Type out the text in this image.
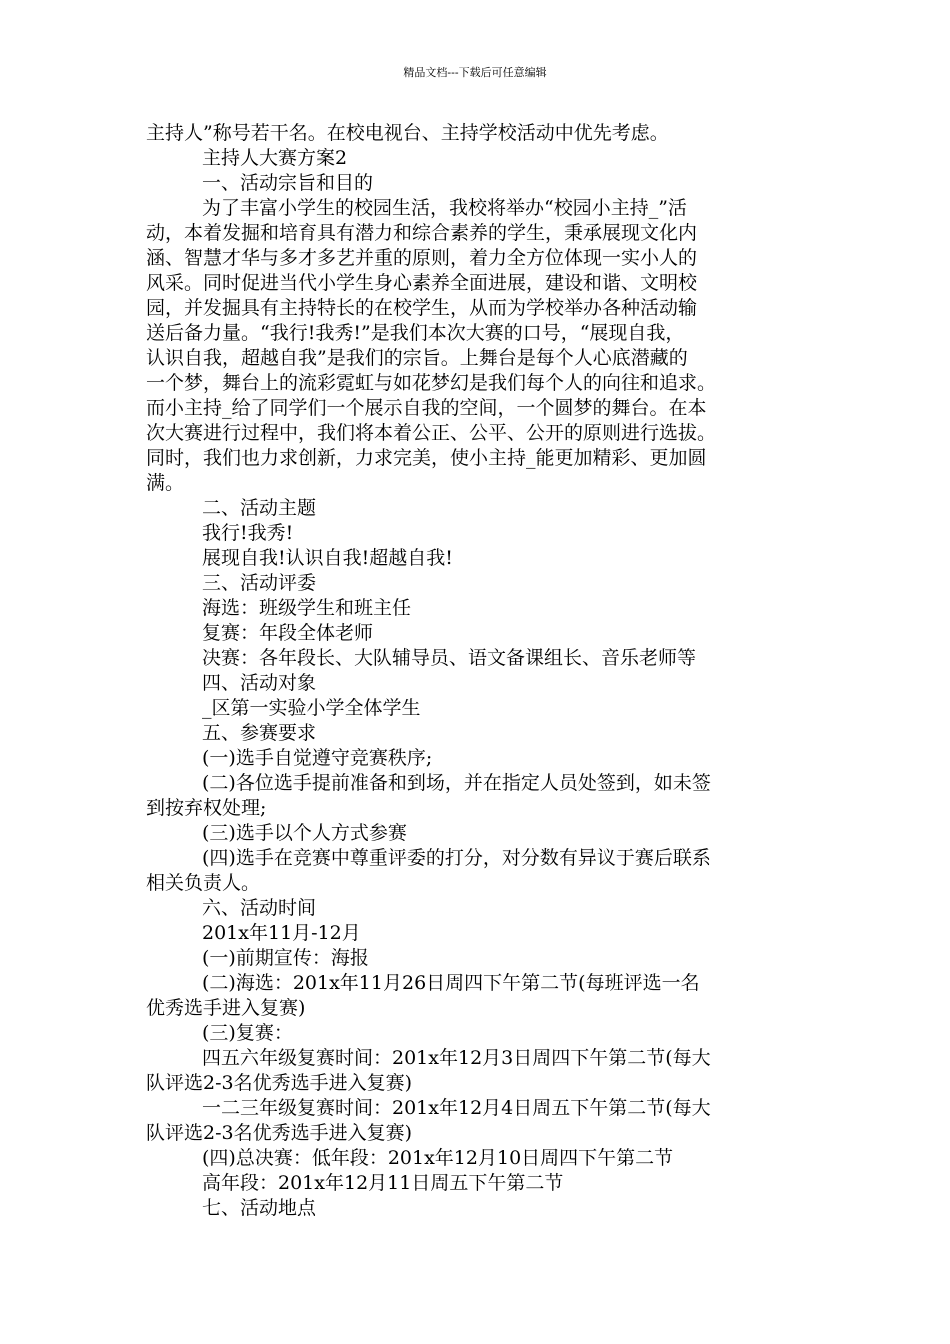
精品文档---下载后可任意编辑
主持人”称号若干名。在校电视台、主持学校活动中优先考虑。
主持人大赛方案2
一、活动宗旨和目的
为了丰富小学生的校园生活，我校将举办“校园小主持_”活
动，本着发掘和培育具有潜力和综合素养的学生，秉承展现文化内
涵、智慧才华与多才多艺并重的原则，着力全方位体现一实小人的
风采。同时促进当代小学生身心素养全面进展，建设和谐、文明校
园，并发掘具有主持特长的在校学生，从而为学校举办各种活动输
送后备力量。“我行!我秀!”是我们本次大赛的口号，“展现自我，
认识自我，超越自我”是我们的宗旨。上舞台是每个人心底潜藏的
一个梦，舞台上的流彩霓虹与如花梦幻是我们每个人的向往和追求。
而小主持_给了同学们一个展示自我的空间，一个圆梦的舞台。在本
次大赛进行过程中，我们将本着公正、公平、公开的原则进行选拔。
同时，我们也力求创新，力求完美，使小主持_能更加精彩、更加圆
满。
二、活动主题
我行!我秀!
展现自我!认识自我!超越自我!
三、活动评委
海选：班级学生和班主任
复赛：年段全体老师
决赛：各年段长、大队辅导员、语文备课组长、音乐老师等
四、活动对象
_区第一实验小学全体学生
五、参赛要求
(一)选手自觉遵守竞赛秩序;
(二)各位选手提前准备和到场，并在指定人员处签到，如未签
到按弃权处理;
(三)选手以个人方式参赛
(四)选手在竞赛中尊重评委的打分，对分数有异议于赛后联系
相关负责人。
六、活动时间
201x年11月-12月
(一)前期宣传：海报
(二)海选：201x年11月26日周四下午第二节(每班评选一名
优秀选手进入复赛)
(三)复赛：
四五六年级复赛时间：201x年12月3日周四下午第二节(每大
队评选2-3名优秀选手进入复赛)
一二三年级复赛时间：201x年12月4日周五下午第二节(每大
队评选2-3名优秀选手进入复赛)
(四)总决赛：低年段：201x年12月10日周四下午第二节
高年段：201x年12月11日周五下午第二节
七、活动地点
